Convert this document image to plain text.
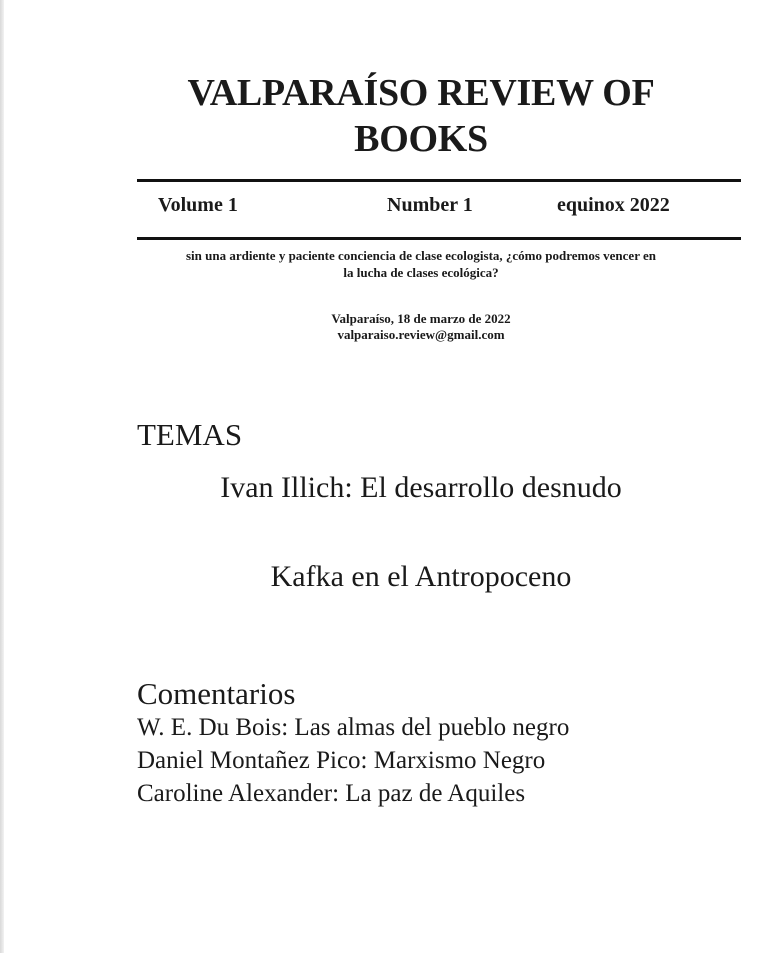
VALPARAÍSO REVIEW OF BOOKS
Volume 1	Number 1	equinox 2022
sin una ardiente y paciente conciencia de clase ecologista, ¿cómo podremos vencer en
la lucha de clases ecológica?
Valparaíso, 18 de marzo de 2022
valparaiso.review@gmail.com
TEMAS
Ivan Illich: El desarrollo desnudo
Kafka en el Antropoceno
Comentarios
W. E. Du Bois: Las almas del pueblo negro
Daniel Montañez Pico: Marxismo Negro
Caroline Alexander: La paz de Aquiles
